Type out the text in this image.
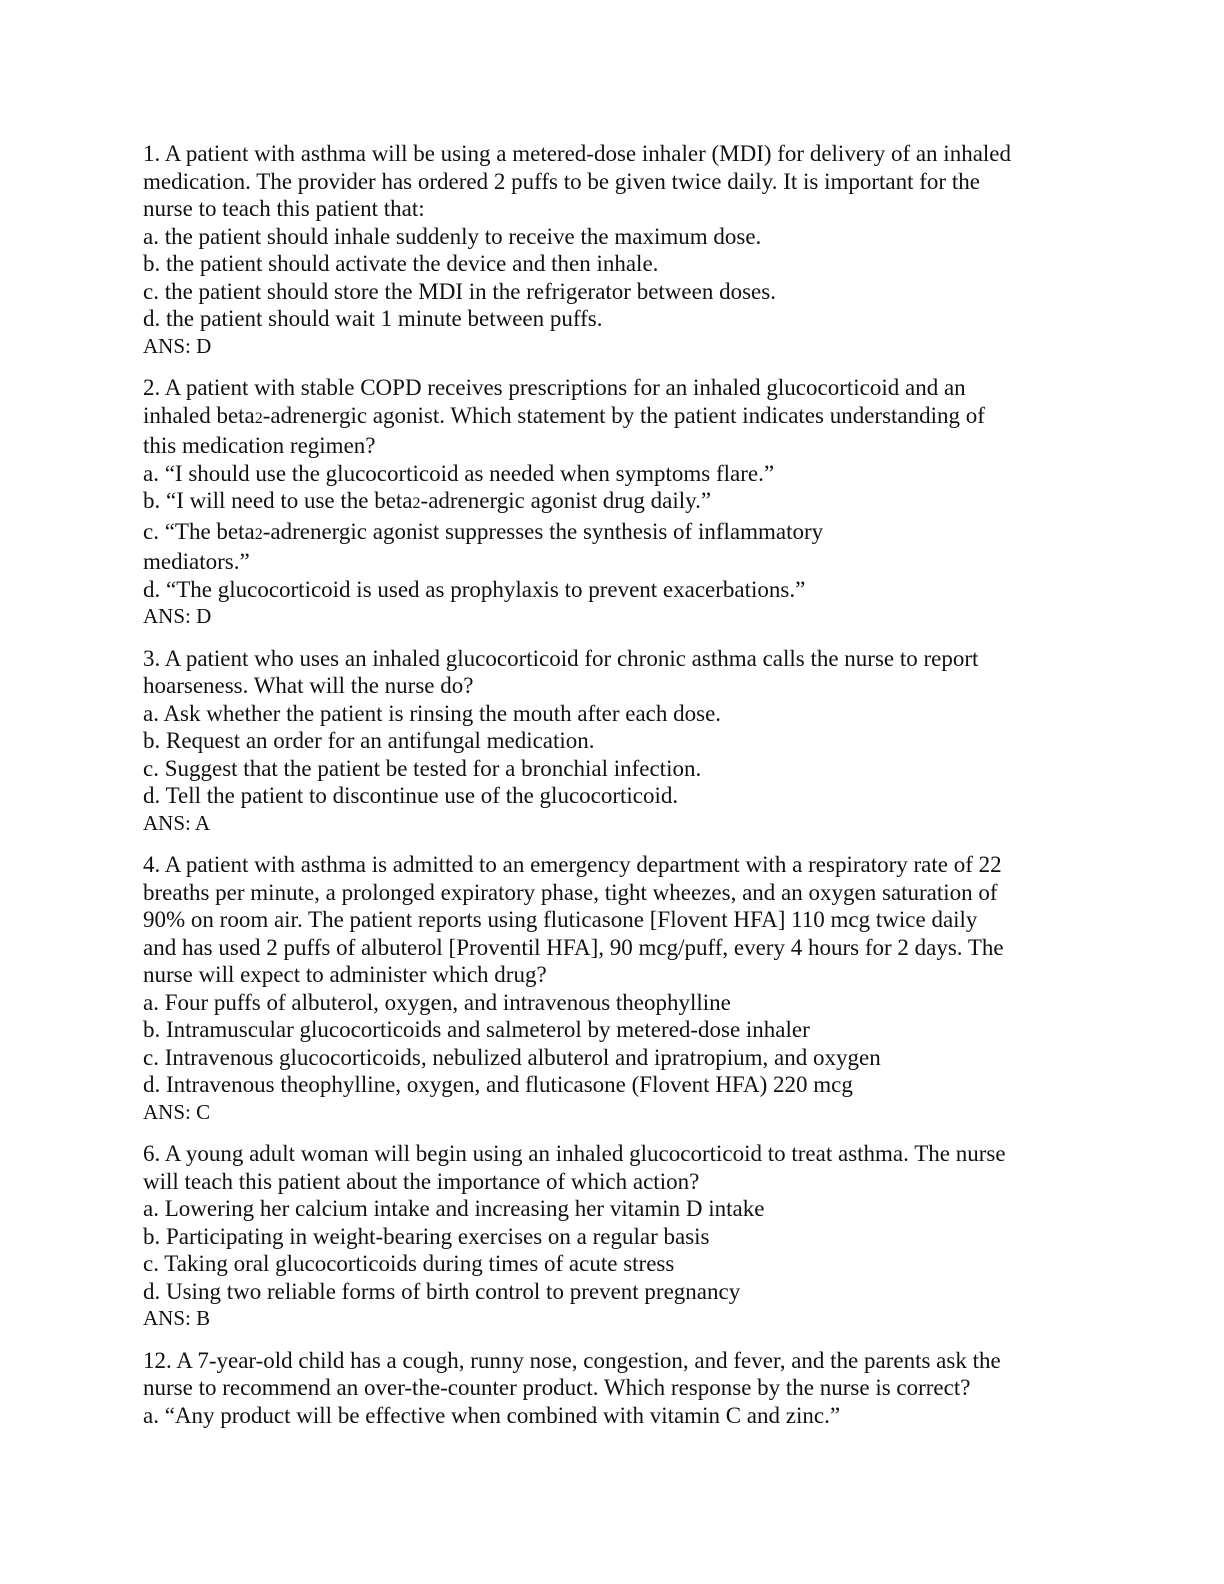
1. A patient with asthma will be using a metered-dose inhaler (MDI) for delivery of an inhaled
medication. The provider has ordered 2 puffs to be given twice daily. It is important for the
nurse to teach this patient that:
a. the patient should inhale suddenly to receive the maximum dose.
b. the patient should activate the device and then inhale.
c. the patient should store the MDI in the refrigerator between doses.
d. the patient should wait 1 minute between puffs.
ANS: D
2. A patient with stable COPD receives prescriptions for an inhaled glucocorticoid and an
inhaled beta2-adrenergic agonist. Which statement by the patient indicates understanding of
this medication regimen?
a. “I should use the glucocorticoid as needed when symptoms flare.”
b. “I will need to use the beta2-adrenergic agonist drug daily.”
c. “The beta2-adrenergic agonist suppresses the synthesis of inflammatory
mediators.”
d. “The glucocorticoid is used as prophylaxis to prevent exacerbations.”
ANS: D
3. A patient who uses an inhaled glucocorticoid for chronic asthma calls the nurse to report
hoarseness. What will the nurse do?
a. Ask whether the patient is rinsing the mouth after each dose.
b. Request an order for an antifungal medication.
c. Suggest that the patient be tested for a bronchial infection.
d. Tell the patient to discontinue use of the glucocorticoid.
ANS: A
4. A patient with asthma is admitted to an emergency department with a respiratory rate of 22
breaths per minute, a prolonged expiratory phase, tight wheezes, and an oxygen saturation of
90% on room air. The patient reports using fluticasone [Flovent HFA] 110 mcg twice daily
and has used 2 puffs of albuterol [Proventil HFA], 90 mcg/puff, every 4 hours for 2 days. The
nurse will expect to administer which drug?
a. Four puffs of albuterol, oxygen, and intravenous theophylline
b. Intramuscular glucocorticoids and salmeterol by metered-dose inhaler
c. Intravenous glucocorticoids, nebulized albuterol and ipratropium, and oxygen
d. Intravenous theophylline, oxygen, and fluticasone (Flovent HFA) 220 mcg
ANS: C
6. A young adult woman will begin using an inhaled glucocorticoid to treat asthma. The nurse
will teach this patient about the importance of which action?
a. Lowering her calcium intake and increasing her vitamin D intake
b. Participating in weight-bearing exercises on a regular basis
c. Taking oral glucocorticoids during times of acute stress
d. Using two reliable forms of birth control to prevent pregnancy
ANS: B
12. A 7-year-old child has a cough, runny nose, congestion, and fever, and the parents ask the
nurse to recommend an over-the-counter product. Which response by the nurse is correct?
a. “Any product will be effective when combined with vitamin C and zinc.”
